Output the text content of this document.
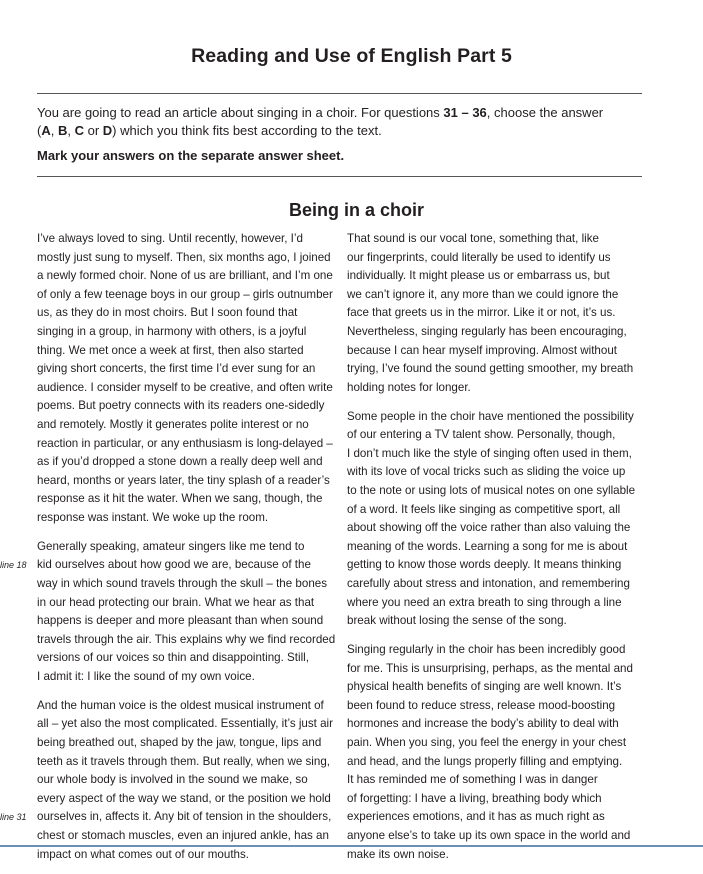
Reading and Use of English Part 5

You are going to read an article about singing in a choir. For questions 31 – 36, choose the answer

(A, B, C or D) which you think fits best according to the text.

Mark your answers on the separate answer sheet.

Being in a choir
I’ve always loved to sing. Until recently, however, I’d
mostly just sung to myself. Then, six months ago, I joined
a newly formed choir. None of us are brilliant, and I’m one
of only a few teenage boys in our group – girls outnumber
us, as they do in most choirs. But I soon found that
singing in a group, in harmony with others, is a joyful
thing. We met once a week at first, then also started
giving short concerts, the first time I’d ever sung for an
audience. I consider myself to be creative, and often write
poems. But poetry connects with its readers one-sidedly
and remotely. Mostly it generates polite interest or no
reaction in particular, or any enthusiasm is long-delayed –
as if you’d dropped a stone down a really deep well and
heard, months or years later, the tiny splash of a reader’s
response as it hit the water. When we sang, though, the
response was instant. We woke up the room.
Generally speaking, amateur singers like me tend to
line 18 kid ourselves about how good we are, because of the
way in which sound travels through the skull – the bones
in our head protecting our brain. What we hear as that
happens is deeper and more pleasant than when sound
travels through the air. This explains why we find recorded
versions of our voices so thin and disappointing. Still,
I admit it: I like the sound of my own voice.
And the human voice is the oldest musical instrument of
all – yet also the most complicated. Essentially, it’s just air
being breathed out, shaped by the jaw, tongue, lips and
teeth as it travels through them. But really, when we sing,
our whole body is involved in the sound we make, so
every aspect of the way we stand, or the position we hold
line 31 ourselves in, affects it. Any bit of tension in the shoulders,
chest or stomach muscles, even an injured ankle, has an
impact on what comes out of our mouths.
That sound is our vocal tone, something that, like
our fingerprints, could literally be used to identify us
individually. It might please us or embarrass us, but
we can’t ignore it, any more than we could ignore the
face that greets us in the mirror. Like it or not, it’s us.
Nevertheless, singing regularly has been encouraging,
because I can hear myself improving. Almost without
trying, I’ve found the sound getting smoother, my breath
holding notes for longer.
Some people in the choir have mentioned the possibility
of our entering a TV talent show. Personally, though,
I don’t much like the style of singing often used in them,
with its love of vocal tricks such as sliding the voice up
to the note or using lots of musical notes on one syllable
of a word. It feels like singing as competitive sport, all
about showing off the voice rather than also valuing the
meaning of the words. Learning a song for me is about
getting to know those words deeply. It means thinking
carefully about stress and intonation, and remembering
where you need an extra breath to sing through a line
break without losing the sense of the song.
Singing regularly in the choir has been incredibly good
for me. This is unsurprising, perhaps, as the mental and
physical health benefits of singing are well known. It’s
been found to reduce stress, release mood-boosting
hormones and increase the body’s ability to deal with
pain. When you sing, you feel the energy in your chest
and head, and the lungs properly filling and emptying.
It has reminded me of something I was in danger
of forgetting: I have a living, breathing body which
experiences emotions, and it has as much right as
anyone else’s to take up its own space in the world and
make its own noise.
